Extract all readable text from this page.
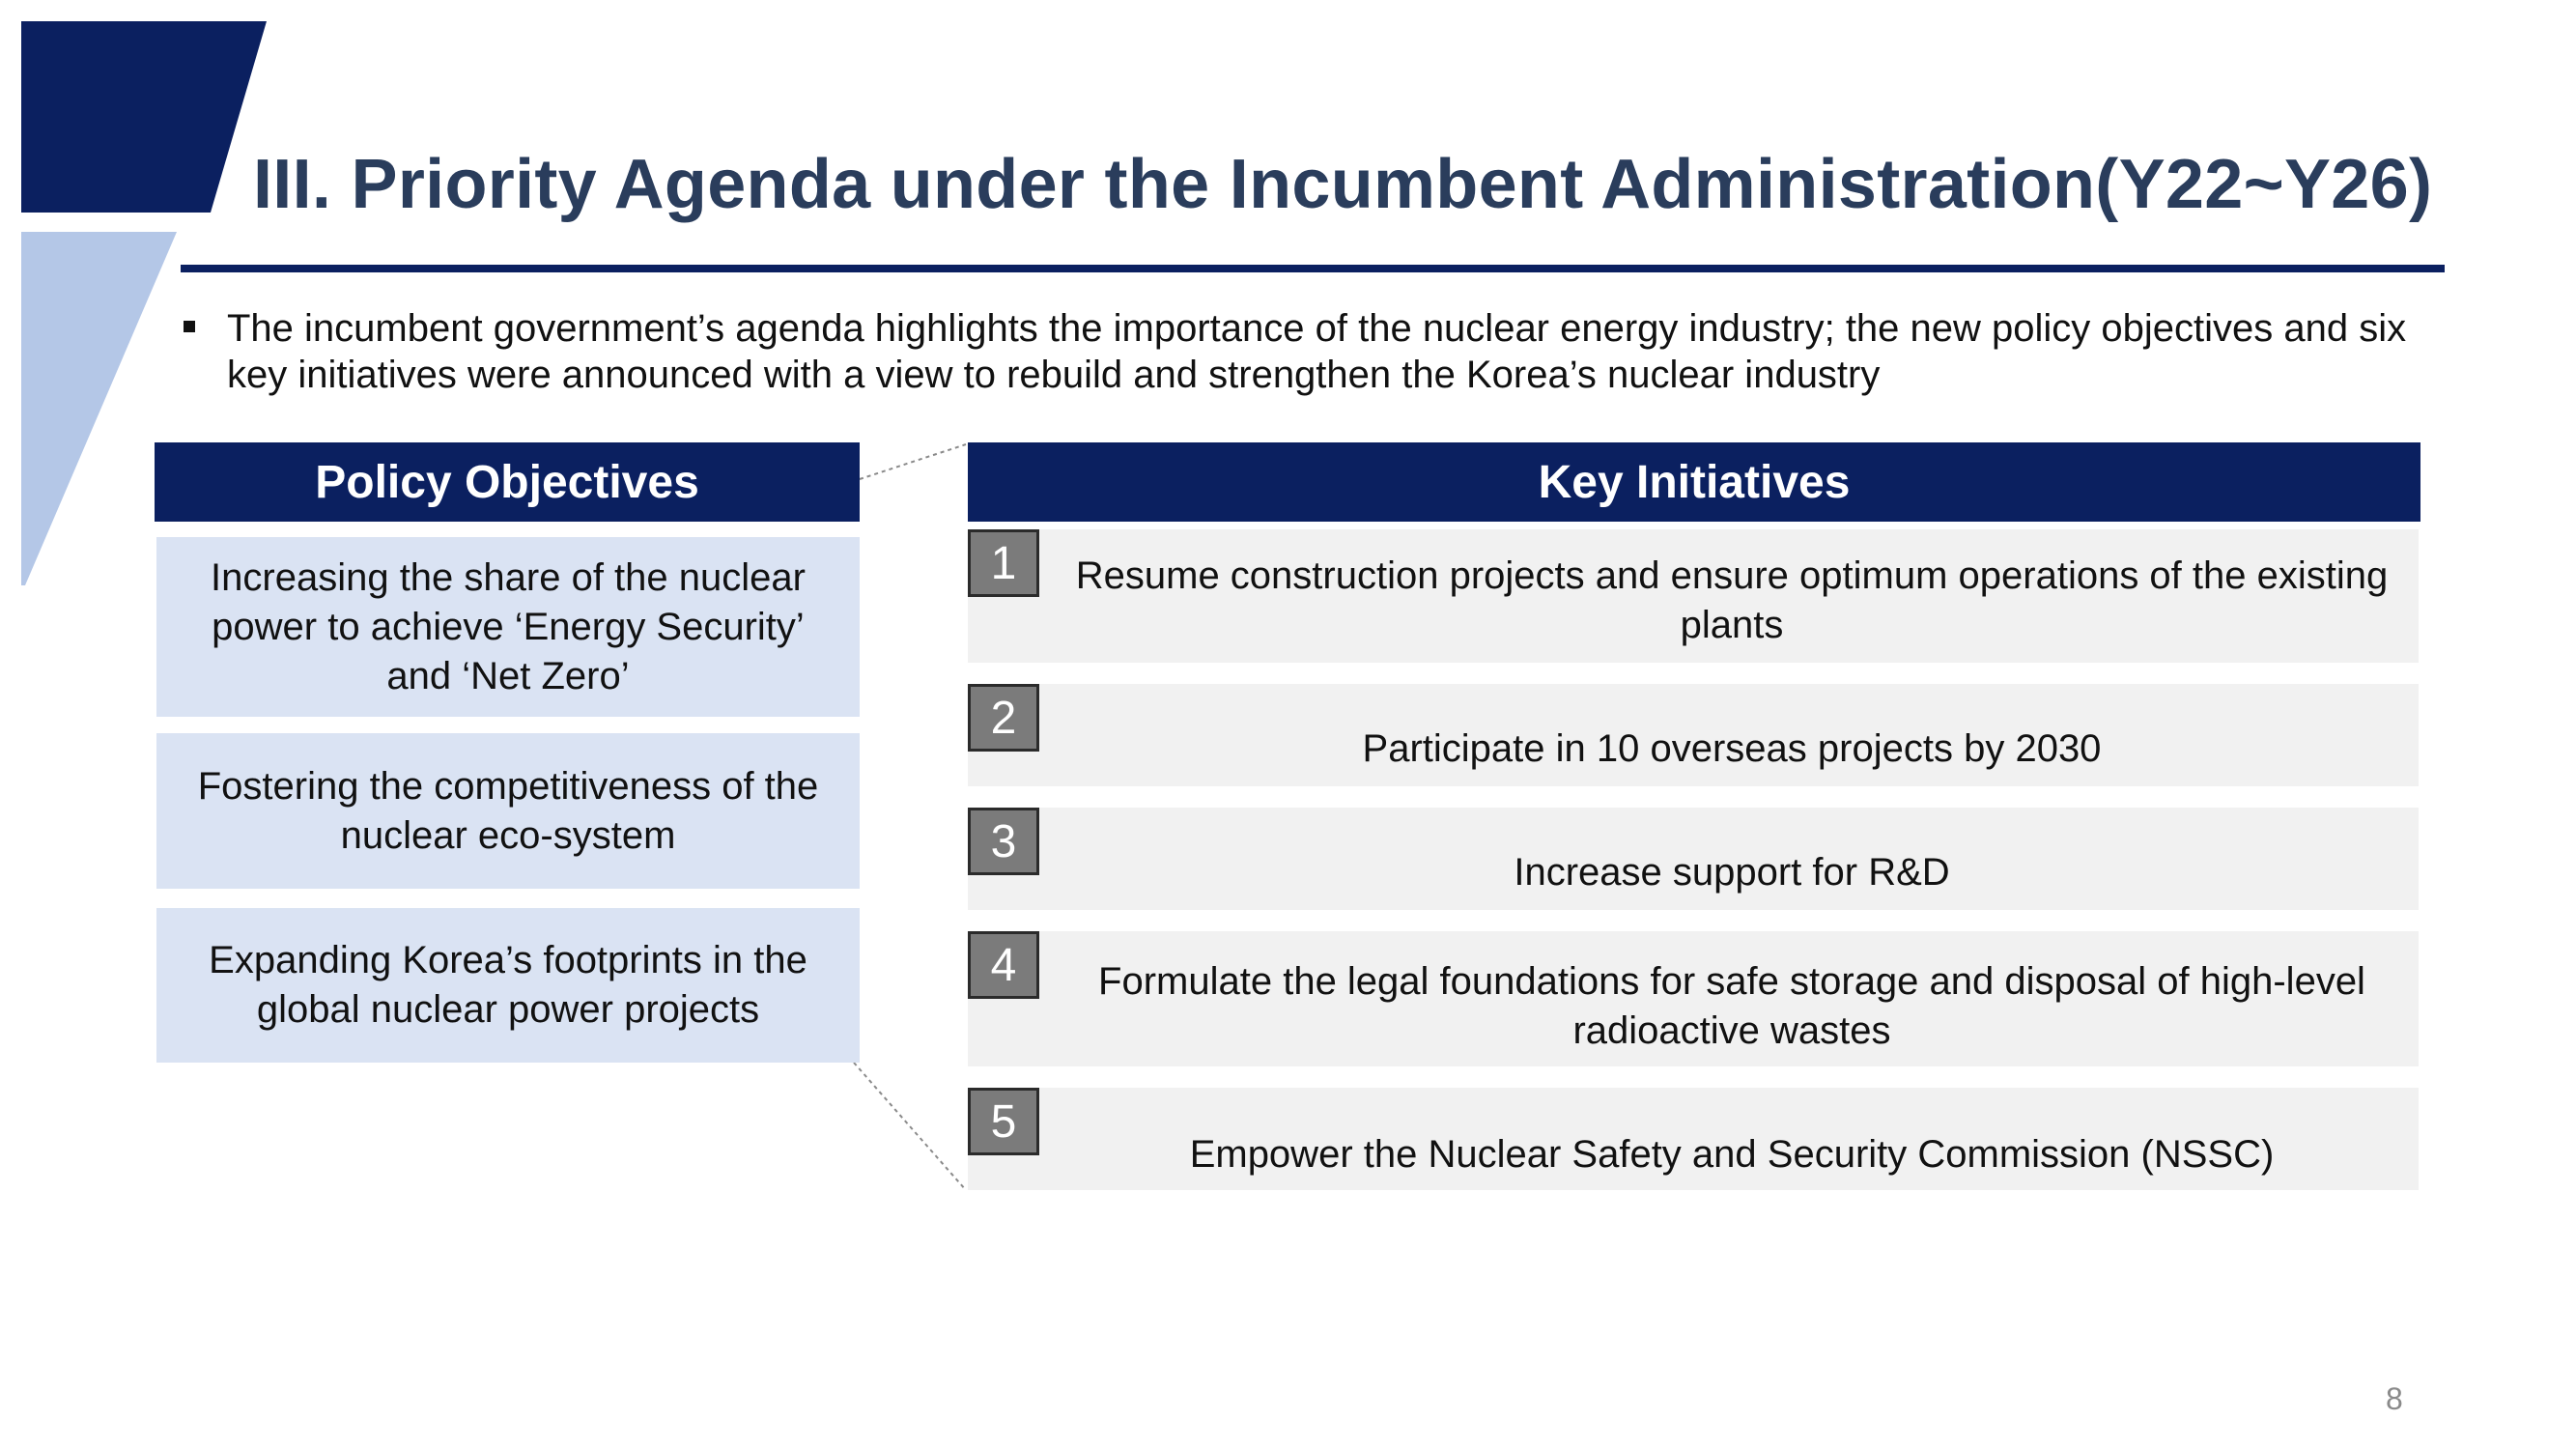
III. Priority Agenda under the Incumbent Administration(Y22~Y26)
The incumbent government’s agenda highlights the importance of the nuclear energy industry; the new policy objectives and six key initiatives were announced with a view to rebuild and strengthen the Korea’s nuclear industry
Policy Objectives
Increasing the share of the nuclear power to achieve ‘Energy Security’ and ‘Net Zero’
Fostering the competitiveness of the nuclear eco-system
Expanding Korea’s footprints in the global nuclear power projects
Key Initiatives
1	Resume construction projects and ensure optimum operations of the existing plants
2
Participate in 10 overseas projects by 2030
3
Increase support for R&D
4	Formulate the legal foundations for safe storage and disposal of high-level radioactive wastes
5
Empower the Nuclear Safety and Security Commission (NSSC)
8
